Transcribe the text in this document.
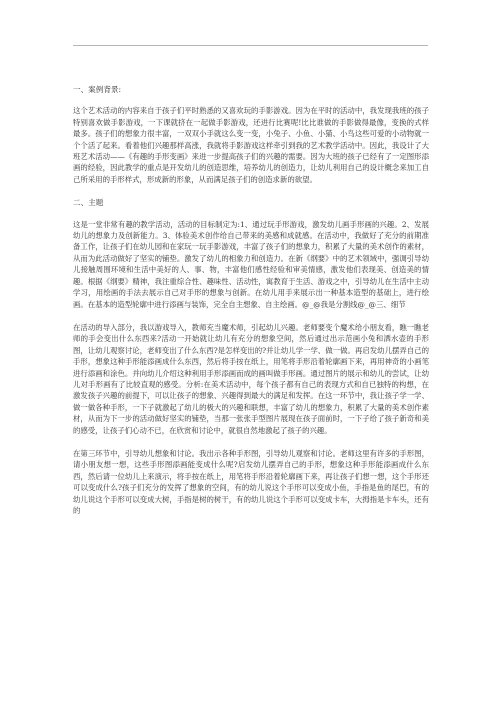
一、案例背景:

这个艺术活动的内容来自于孩子们平时熟悉的又喜欢玩的手影游戏。因为在平时的活动中，我发现我班的孩子特别喜欢做手影游戏，一下课就挤在一起做手影游戏，还进行比赛呢!比比谁做的手影做得最像，变换的式样最多。孩子们的想象力很丰富，一双双小手就这么变一变，小兔子、小鱼、小猫、小鸟这些可爱的小动物就一个个活了起来。看着他们兴趣那样高涨，我就将手影游戏这样牵引到我的艺术教学活动中。因此，我设计了大班艺术活动——《有趣的手形变画》来进一步提高孩子们的兴趣的需要。因为大班的孩子已经有了一定图形添画的经验，因此教学的重点是开发幼儿的创造思维，培养幼儿的创造力，让幼儿利用自己的设计概念来加工自己所采用的手形样式，形成新的形象，从而满足孩子们的创造求新的欲望。

二、主题

这是一堂非常有趣的教学活动，活动的目标制定为:1、通过玩手形游戏，激发幼儿画手形画的兴趣。2、发展幼儿的想象力及创新能力。3、体验美术创作给自己带来的美感和成就感。在活动中，我做好了充分的前期准备工作，让孩子们在幼儿园和在家玩一玩手影游戏，丰富了孩子们的想象力，积累了大量的美术创作的素材，从而为此活动做好了坚实的铺垫。激发了幼儿的相象力和创造力。在新《纲要》中的艺术领域中，强调引导幼儿接触周围环境和生活中美好的人、事、物，丰富他们感性经验和审美情感，激发他们表现美、创造美的情趣。根据《纲要》精神，我注重综合性、趣味性、活动性，寓教育于生活、游戏之中，引导幼儿在生活中主动学习，用绘画的手法去展示自己对手形的想象与创新。在幼儿用手来展示出一种基本造型的基础上，进行绘画。在基本的造型轮廓中进行添画与装饰，完全自主想象、自主绘画。@_@我是分割线@_@三、细节

在活动的导入部分，我以游戏导入，教师充当魔术师，引起幼儿兴趣。老师要变个魔术给小朋友看，瞧一瞧老师的手会变出什么东西来?活动一开始就让幼儿有充分的想象空间，然后通过出示范画小兔和洒水壶的手形图，让幼儿观察讨论，老师变出了什么东西?是怎样变出的?并让幼儿学一学、做一做。再启发幼儿摆弄自己的手形，想象这种手形能添画成什么东西，然后将手按在纸上，用笔将手形沿着轮廓画下来，再用神奇的小画笔进行添画和涂色。并向幼儿介绍这种利用手形添画而成的画叫做手形画。通过图片的展示和幼儿的尝试，让幼儿对手形画有了比较直观的感受。分析:在美术活动中，每个孩子都有自己的表现方式和自已独特的构想，在激发孩子兴趣的前提下，可以让孩子的想象、兴趣得到最大的满足和发挥。在这一环节中，我让孩子学一学、做一做各种手形，一下子就激起了幼儿的极大的兴趣和联想，丰富了幼儿的想象力，积累了大量的美术创作素材，从而为下一步的活动做好坚实的铺垫，当那一张张手型图片展现在孩子面前时，一下子给了孩子新奇和美的感受，让孩子们心动不已，在欣赏和讨论中，就很自然地激起了孩子的兴趣。

在第三环节中，引导幼儿想象和讨论。我出示各种手形图，引导幼儿观察和讨论。老师这里有许多的手形图，请小朋友想一想，这些手形图添画能变成什么呢?启发幼儿摆弄自己的手形，想象这种手形能添画成什么东西，然后请一位幼儿上来演示，将手按在纸上，用笔将手形沿着轮廓画下来，再让孩子们想一想，这个手形还可以变成什么?孩子们充分的发挥了想象的空间，有的幼儿说这个手形可以变成小鱼，手指是鱼的尾巴，有的幼儿说这个手形可以变成大树，手指是树的树干，有的幼儿说这个手形可以变成卡车，大拇指是卡车头，还有的
